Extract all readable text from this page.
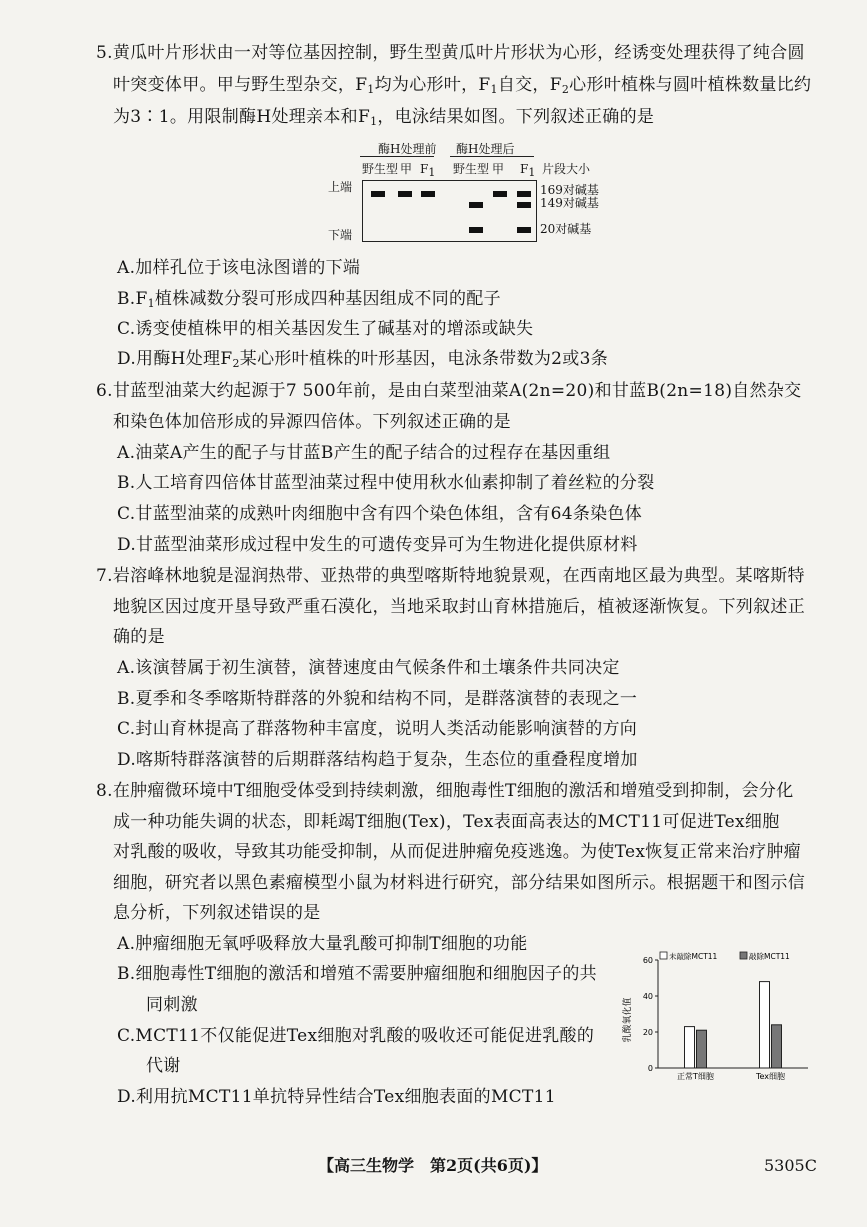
5.黄瓜叶片形状由一对等位基因控制，野生型黄瓜叶片形状为心形，经诱变处理获得了纯合圆
叶突变体甲。甲与野生型杂交，$F_1$均为心形叶，$F_1$自交，$F_2$心形叶植株与圆叶植株数量比约
为3∶1。用限制酶H处理亲本和$F_1$，电泳结果如图。下列叙述正确的是
酶H处理前 酶H处理后
野生型 甲 $F_1$ 野生型 甲 $F_1$ 片段大小
上端
下端
169对碱基
149对碱基
20对碱基
A.加样孔位于该电泳图谱的下端
$B.F_1$植株减数分裂可形成四种基因组成不同的配子
C.诱变使植株甲的相关基因发生了碱基对的增添或缺失
D.用酶H处理$F_2$某心形叶植株的叶形基因，电泳条带数为2或3条
6.甘蓝型油菜大约起源于7 500年前，是由白菜型油菜A(2n=20)和甘蓝B(2n=18)自然杂交
和染色体加倍形成的异源四倍体。下列叙述正确的是
A.油菜A产生的配子与甘蓝B产生的配子结合的过程存在基因重组
B.人工培育四倍体甘蓝型油菜过程中使用秋水仙素抑制了着丝粒的分裂
C.甘蓝型油菜的成熟叶肉细胞中含有四个染色体组，含有64条染色体
D.甘蓝型油菜形成过程中发生的可遗传变异可为生物进化提供原材料
7.岩溶峰林地貌是湿润热带、亚热带的典型喀斯特地貌景观，在西南地区最为典型。某喀斯特
地貌区因过度开垦导致严重石漠化，当地采取封山育林措施后，植被逐渐恢复。下列叙述正
确的是
A.该演替属于初生演替，演替速度由气候条件和土壤条件共同决定
B.夏季和冬季喀斯特群落的外貌和结构不同，是群落演替的表现之一
C.封山育林提高了群落物种丰富度，说明人类活动能影响演替的方向
D.喀斯特群落演替的后期群落结构趋于复杂，生态位的重叠程度增加
8.在肿瘤微环境中T细胞受体受到持续刺激，细胞毒性T细胞的激活和增殖受到抑制，会分化
成一种功能失调的状态，即耗竭T细胞(Tex)，Tex表面高表达的MCT11可促进Tex细胞
对乳酸的吸收，导致其功能受抑制，从而促进肿瘤免疫逃逸。为使Tex恢复正常来治疗肿瘤
细胞，研究者以黑色素瘤模型小鼠为材料进行研究，部分结果如图所示。根据题干和图示信
息分析，下列叙述错误的是
A.肿瘤细胞无氧呼吸释放大量乳酸可抑制T细胞的功能
B.细胞毒性T细胞的激活和增殖不需要肿瘤细胞和细胞因子的共
同刺激
C.MCT11不仅能促进Tex细胞对乳酸的吸收还可能促进乳酸的
代谢
D.利用抗MCT11单抗特异性结合Tex细胞表面的MCT11
未敲除MCT11	敲除MCT11
乳酸氧化值
0
20
40
60
正常T细胞	Tex细胞
【高三生物学　第2页(共6页)】	5305C
